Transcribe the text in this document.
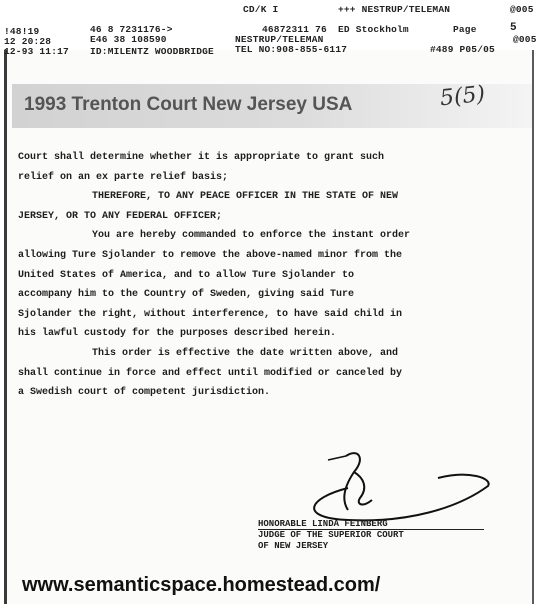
CD/K I	+++ NESTRUP/TELEMAN	@005
!48!19	46 8 7231176->	46872311 76 ED Stockholm	Page	5
12 20:28	E46 38 108590	NESTRUP/TELEMAN	@005
12-93 11:17 ID:MILENTZ WOODBRIDGE TEL NO:908-855-6117	#489 P05/05
1993 Trenton Court New Jersey USA	5(5)

Court shall determine whether it is appropriate to grant such

relief on an ex parte relief basis;

THEREFORE, TO ANY PEACE OFFICER IN THE STATE OF NEW

JERSEY, OR TO ANY FEDERAL OFFICER;

You are hereby commanded to enforce the instant order

allowing Ture Sjolander to remove the above-named minor from the

United States of America, and to allow Ture Sjolander to

accompany him to the Country of Sweden, giving said Ture

Sjolander the right, without interference, to have said child in

his lawful custody for the purposes described herein.

This order is effective the date written above, and

shall continue in force and effect until modified or canceled by

a Swedish court of competent jurisdiction.

HONORABLE LINDA FEINBERG
JUDGE OF THE SUPERIOR COURT
OF NEW JERSEY
www.semanticspace.homestead.com/
